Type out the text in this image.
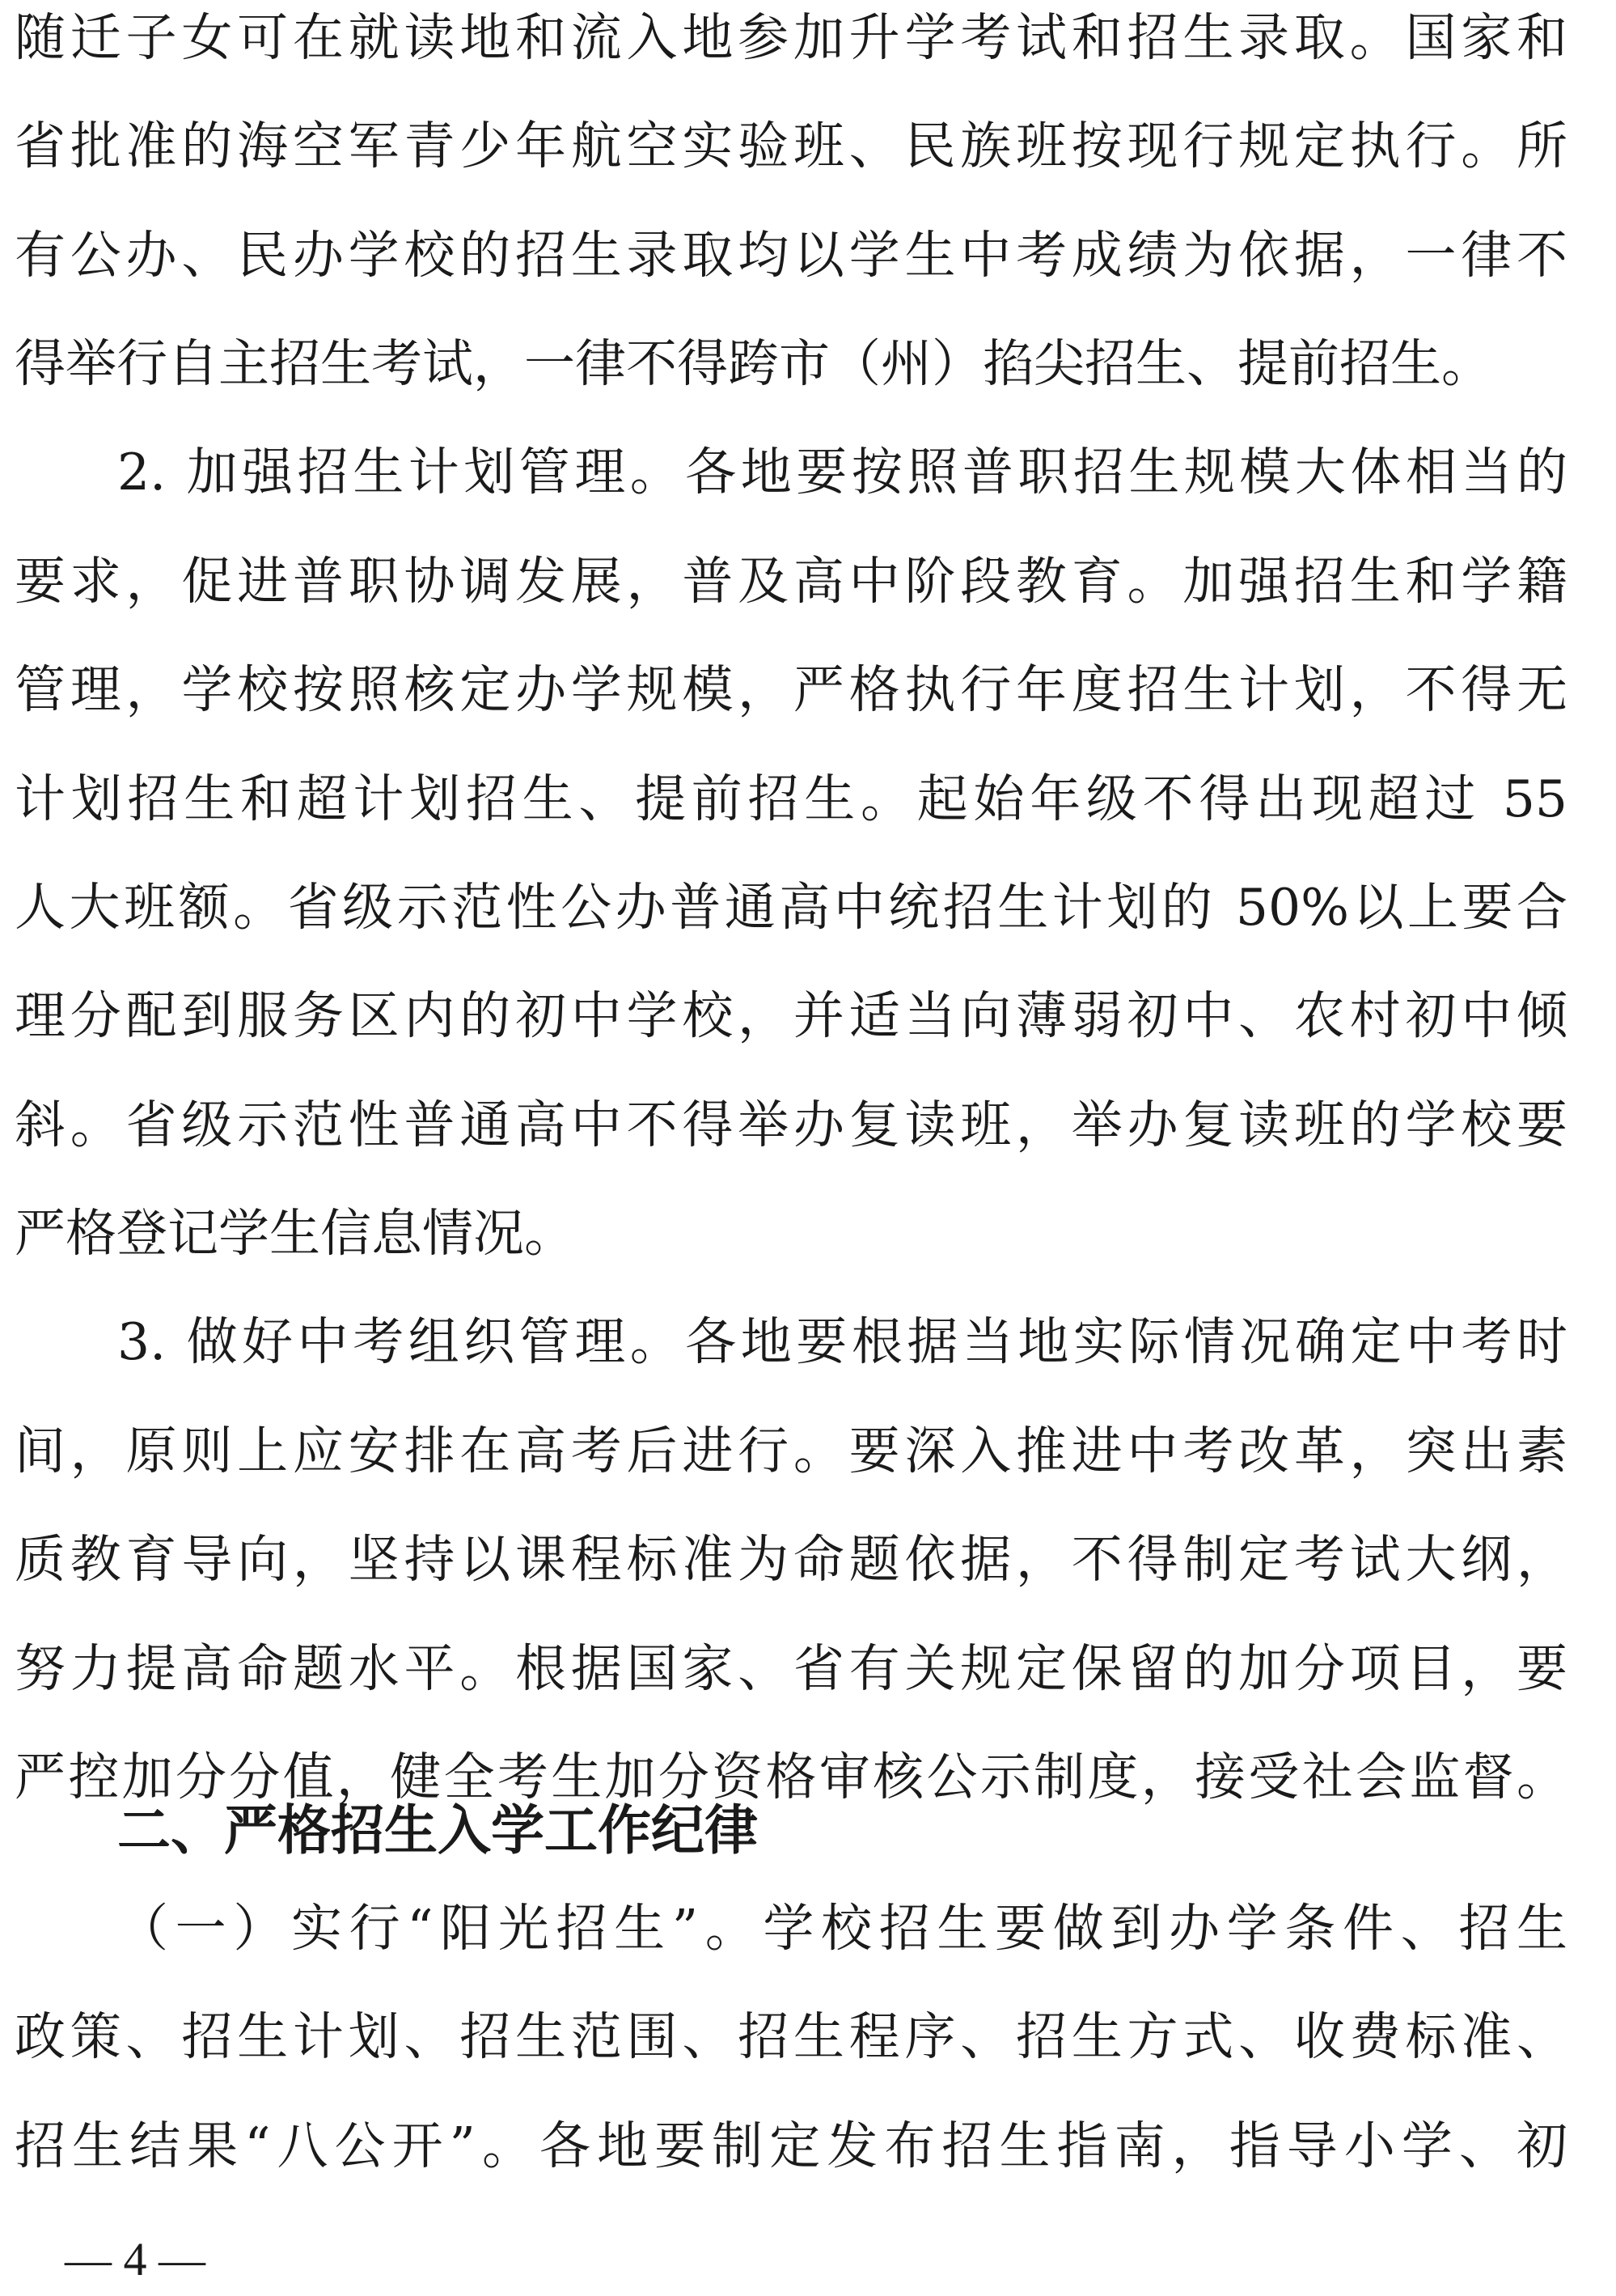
随迁子女可在就读地和流入地参加升学考试和招生录取。国家和
省批准的海空军青少年航空实验班、民族班按现行规定执行。所
有公办、民办学校的招生录取均以学生中考成绩为依据，一律不
得举行自主招生考试，一律不得跨市（州）掐尖招生、提前招生。
2. 加强招生计划管理。各地要按照普职招生规模大体相当的
要求，促进普职协调发展，普及高中阶段教育。加强招生和学籍
管理，学校按照核定办学规模，严格执行年度招生计划，不得无
计划招生和超计划招生、提前招生。起始年级不得出现超过 55
人大班额。省级示范性公办普通高中统招生计划的 50%以上要合
理分配到服务区内的初中学校，并适当向薄弱初中、农村初中倾
斜。省级示范性普通高中不得举办复读班，举办复读班的学校要
严格登记学生信息情况。
3. 做好中考组织管理。各地要根据当地实际情况确定中考时
间，原则上应安排在高考后进行。要深入推进中考改革，突出素
质教育导向，坚持以课程标准为命题依据，不得制定考试大纲，
努力提高命题水平。根据国家、省有关规定保留的加分项目，要
严控加分分值，健全考生加分资格审核公示制度，接受社会监督。
二、严格招生入学工作纪律
（一）实行“阳光招生”。学校招生要做到办学条件、招生
政策、招生计划、招生范围、招生程序、招生方式、收费标准、
招生结果“八公开”。各地要制定发布招生指南，指导小学、初
— 4 —
